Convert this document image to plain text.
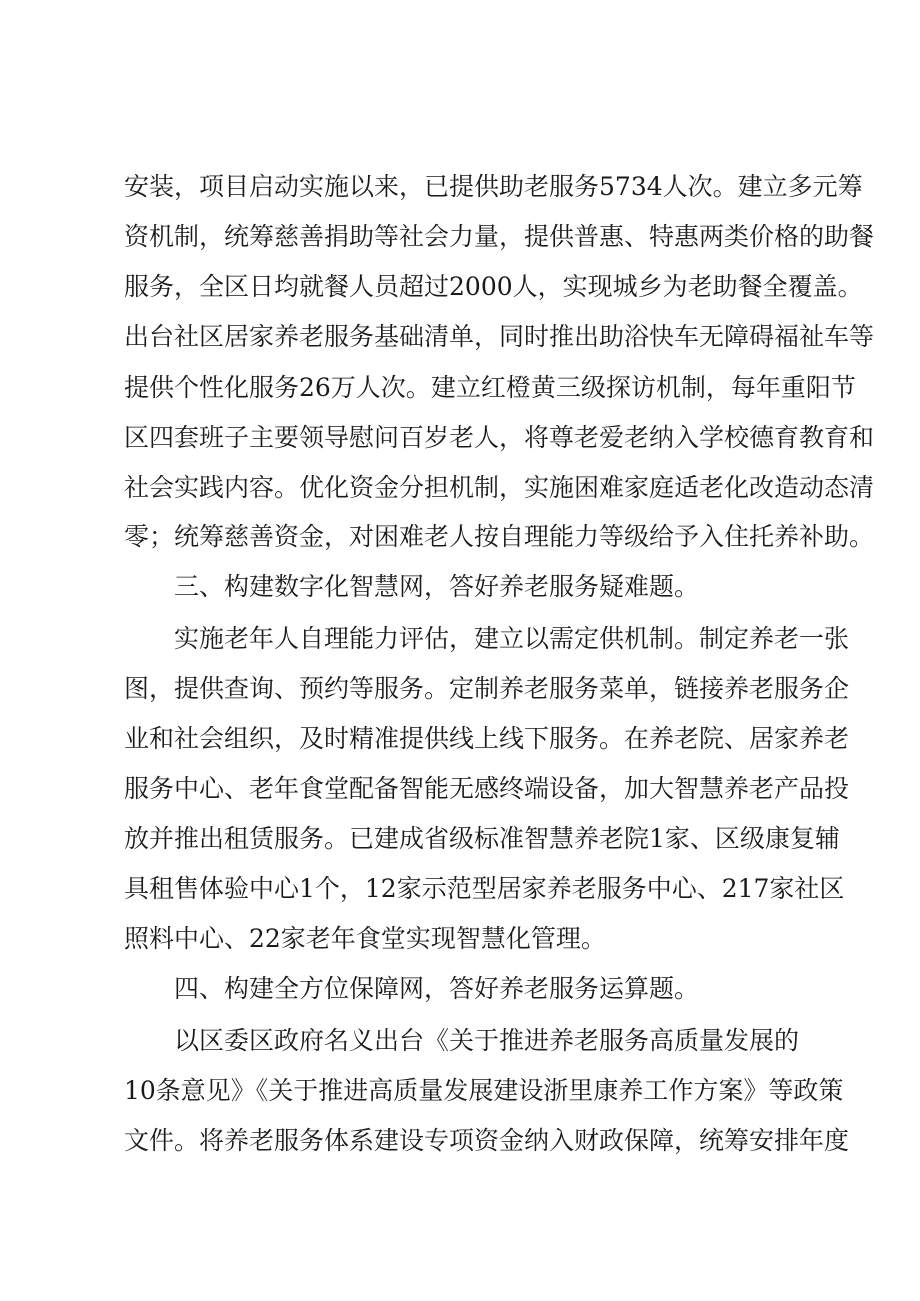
安装，项目启动实施以来，已提供助老服务5734人次。建立多元筹

资机制，统筹慈善捐助等社会力量，提供普惠、特惠两类价格的助餐

服务，全区日均就餐人员超过2000人，实现城乡为老助餐全覆盖。

出台社区居家养老服务基础清单，同时推出助浴快车无障碍福祉车等

提供个性化服务26万人次。建立红橙黄三级探访机制，每年重阳节

区四套班子主要领导慰问百岁老人，将尊老爱老纳入学校德育教育和

社会实践内容。优化资金分担机制，实施困难家庭适老化改造动态清

零；统筹慈善资金，对困难老人按自理能力等级给予入住托养补助。

三、构建数字化智慧网，答好养老服务疑难题。

实施老年人自理能力评估，建立以需定供机制。制定养老一张

图，提供查询、预约等服务。定制养老服务菜单，链接养老服务企

业和社会组织，及时精准提供线上线下服务。在养老院、居家养老

服务中心、老年食堂配备智能无感终端设备，加大智慧养老产品投

放并推出租赁服务。已建成省级标准智慧养老院1家、区级康复辅

具租售体验中心1个，12家示范型居家养老服务中心、217家社区

照料中心、22家老年食堂实现智慧化管理。

四、构建全方位保障网，答好养老服务运算题。

以区委区政府名义出台《关于推进养老服务高质量发展的

10条意见》《关于推进高质量发展建设浙里康养工作方案》等政策

文件。将养老服务体系建设专项资金纳入财政保障，统筹安排年度
